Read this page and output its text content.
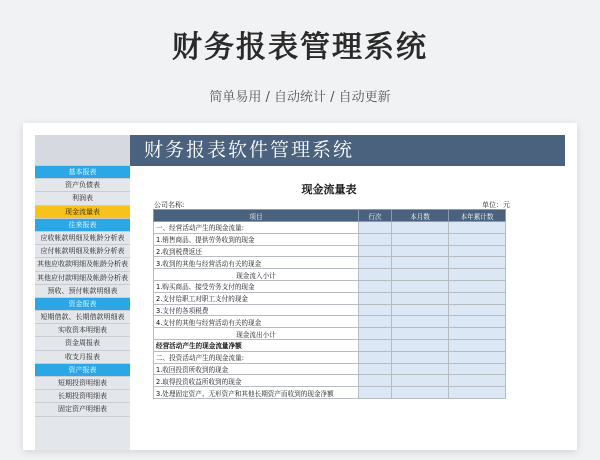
财务报表管理系统
简单易用 / 自动统计 / 自动更新
基本报表
资产负债表
利润表
现金流量表
往来报表
应收帐款明细及帐龄分析表
应付帐款明细及帐龄分析表
其他应收款明细及帐龄分析表
其他应付款明细及帐龄分析表
预收、预付帐款明细表
资金报表
短期借款、长期借款明细表
实收资本明细表
资金周报表
收支月报表
资产报表
短期投资明细表
长期投资明细表
固定资产明细表
财务报表软件管理系统
现金流量表
公司名称:	单位：元
项目	行次	本月数	本年累计数
一、经营活动产生的现金流量:			
1.销售商品、提供劳务收到的现金			
2.收到税费返还			
3.收到的其他与经营活动有关的现金			
现金流入小计			
1.购买商品、接受劳务支付的现金			
2.支付给职工对职工支付的现金			
3.支付的各项税费			
4.支付的其他与经营活动有关的现金			
现金流出小计			
经营活动产生的现金流量净额			
二、投资活动产生的现金流量:			
1.收回投资所收到的现金			
2.取得投资收益所收到的现金			
3.处理固定资产、无形资产和其他长期资产而收到的现金净额			
